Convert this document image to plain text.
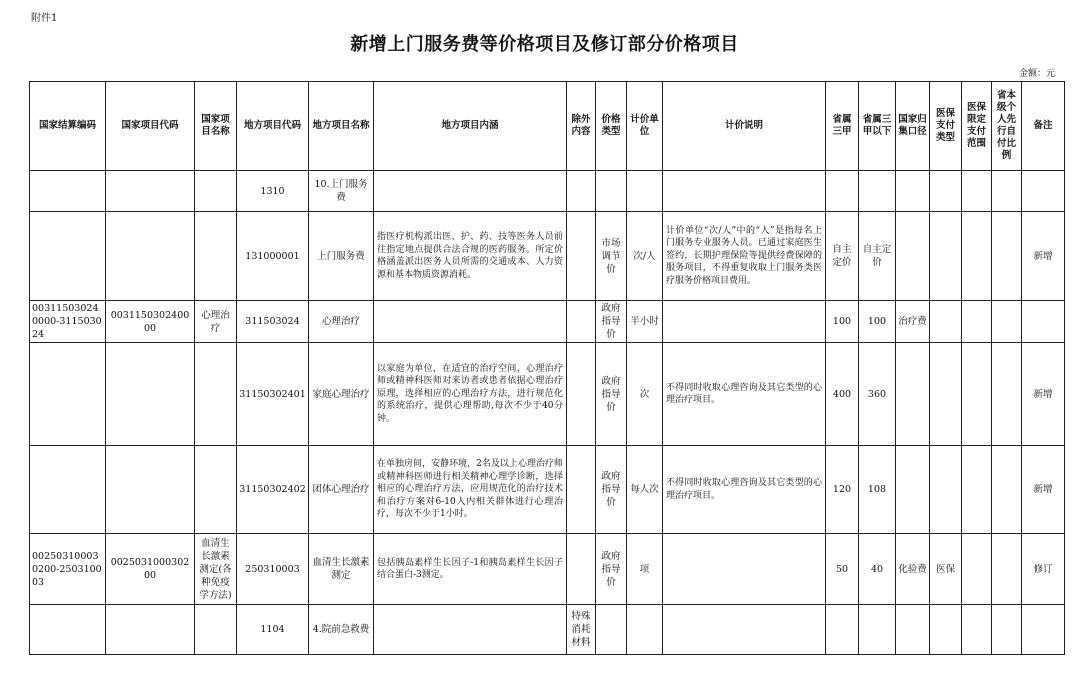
附件1
新增上门服务费等价格项目及修订部分价格项目
金额：元
国家结算编码	国家项目代码	国家项目名称	地方项目代码	地方项目名称	地方项目内涵	除外内容	价格类型	计价单位	计价说明	省属三甲	省属三甲以下	国家归集口径	医保支付类型	医保限定支付范围	省本级个人先行自付比例	备注
			1310	10.上门服务费												
			131000001	上门服务费	指医疗机构派出医、护、药、技等医务人员前往指定地点提供合法合规的医药服务。所定价格涵盖派出医务人员所需的交通成本、人力资源和基本物质资源消耗。		市场调节价	次/人	计价单位“次/人”中的“人”是指每名上门服务专业服务人员。已通过家庭医生签约，长期护理保险等提供经费保障的服务项目，不得重复收取上门服务类医疗服务价格项目费用。	自主定价	自主定价					新增
003115030240000-311503024	003115030240000	心理治疗	311503024	心理治疗			政府指导价	半小时		100	100	治疗费				
			31150302401	家庭心理治疗	以家庭为单位，在适宜的治疗空间，心理治疗师或精神科医师对来访者或患者依据心理治疗原理，选择相应的心理治疗方法，进行规范化的系统治疗，提供心理帮助,每次不少于40分钟。		政府指导价	次	不得同时收取心理咨询及其它类型的心理治疗项目。	400	360					新增
			31150302402	团体心理治疗	在单独房间，安静环境，2名及以上心理治疗师或精神科医师进行相关精神心理学诊断，选择相应的心理治疗方法，应用规范化的治疗技术和治疗方案对6-10人内相关群体进行心理治疗，每次不少于1小时。		政府指导价	每人次	不得同时收取心理咨询及其它类型的心理治疗项目。	120	108					新增
002503100030200-250310003	002503100030200	血清生长激素测定(各种免疫学方法)	250310003	血清生长激素测定	包括胰岛素样生长因子-1和胰岛素样生长因子结合蛋白-3测定。		政府指导价	项		50	40	化验费	医保			修订
			1104	4.院前急救费		特殊消耗材料										
